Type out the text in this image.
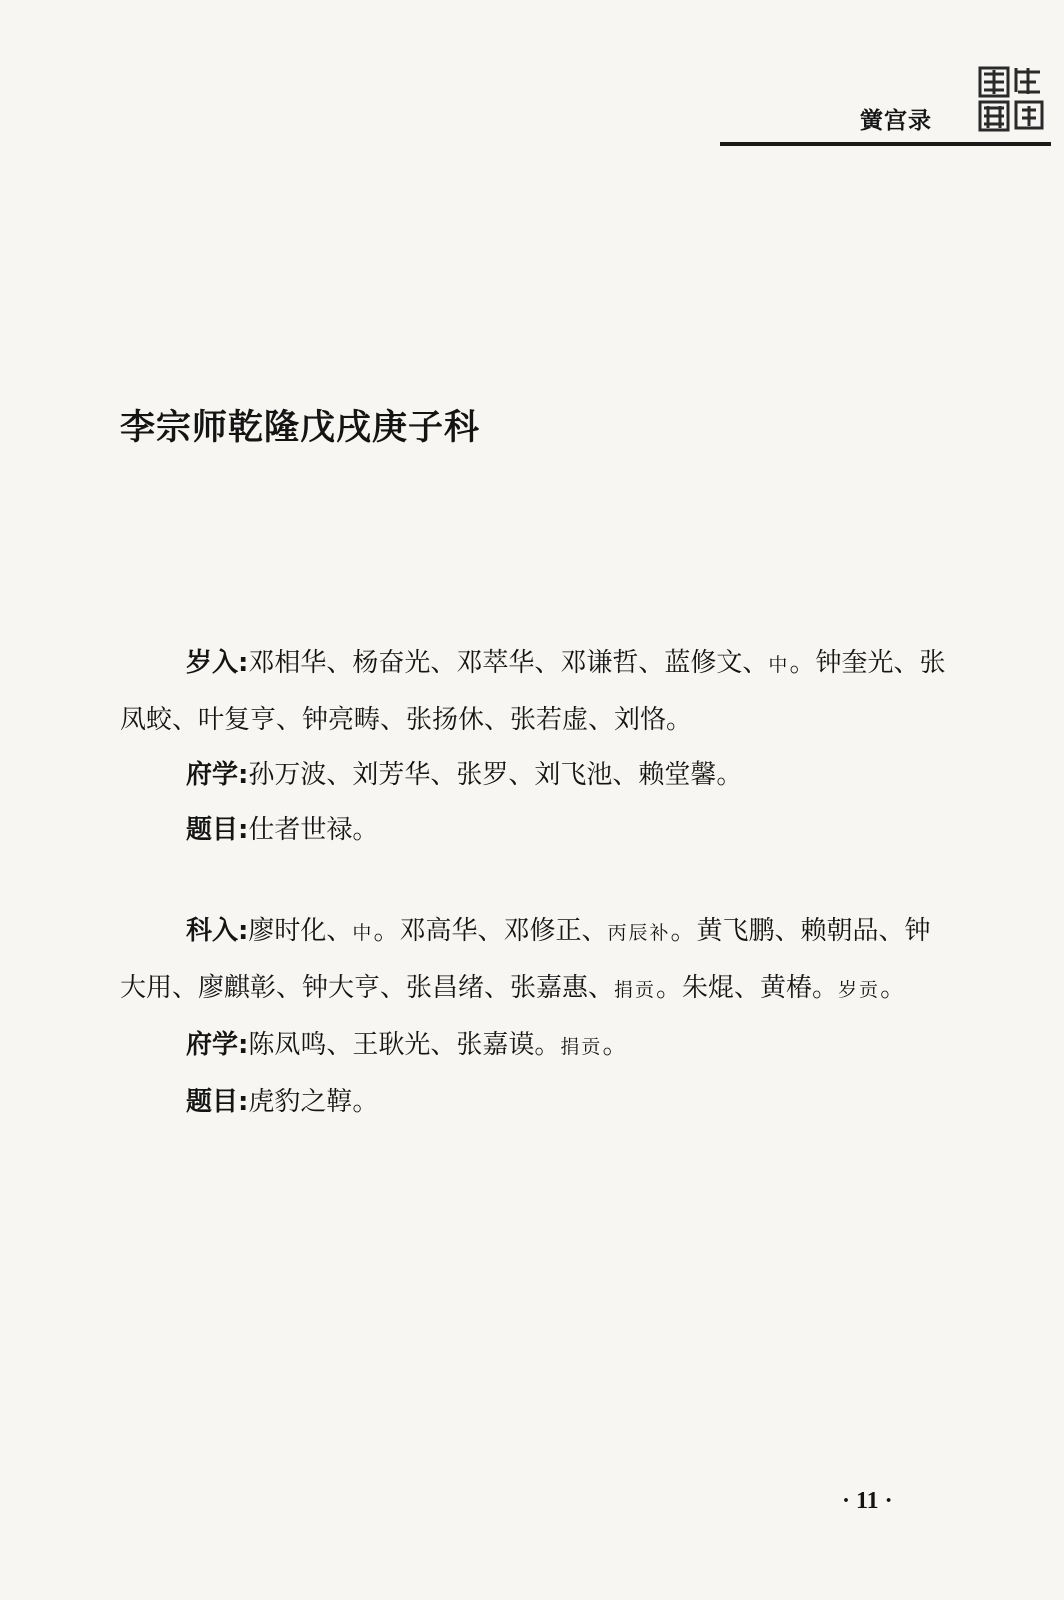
黉宫录
李宗师乾隆戊戌庚子科

岁入:邓相华、杨奋光、邓萃华、邓谦哲、蓝修文、中。钟奎光、张凤蛟、叶复亨、钟亮畴、张扬休、张若虚、刘恪。

府学:孙万波、刘芳华、张罗、刘飞池、赖堂馨。

题目:仕者世禄。

科入:廖时化、中。邓高华、邓修正、丙辰补。黄飞鹏、赖朝品、钟大用、廖麒彰、钟大亨、张昌绪、张嘉惠、捐贡。朱焜、黄椿。岁贡。

府学:陈凤鸣、王耿光、张嘉谟。捐贡。

题目:虎豹之鞟。

· 11 ·
